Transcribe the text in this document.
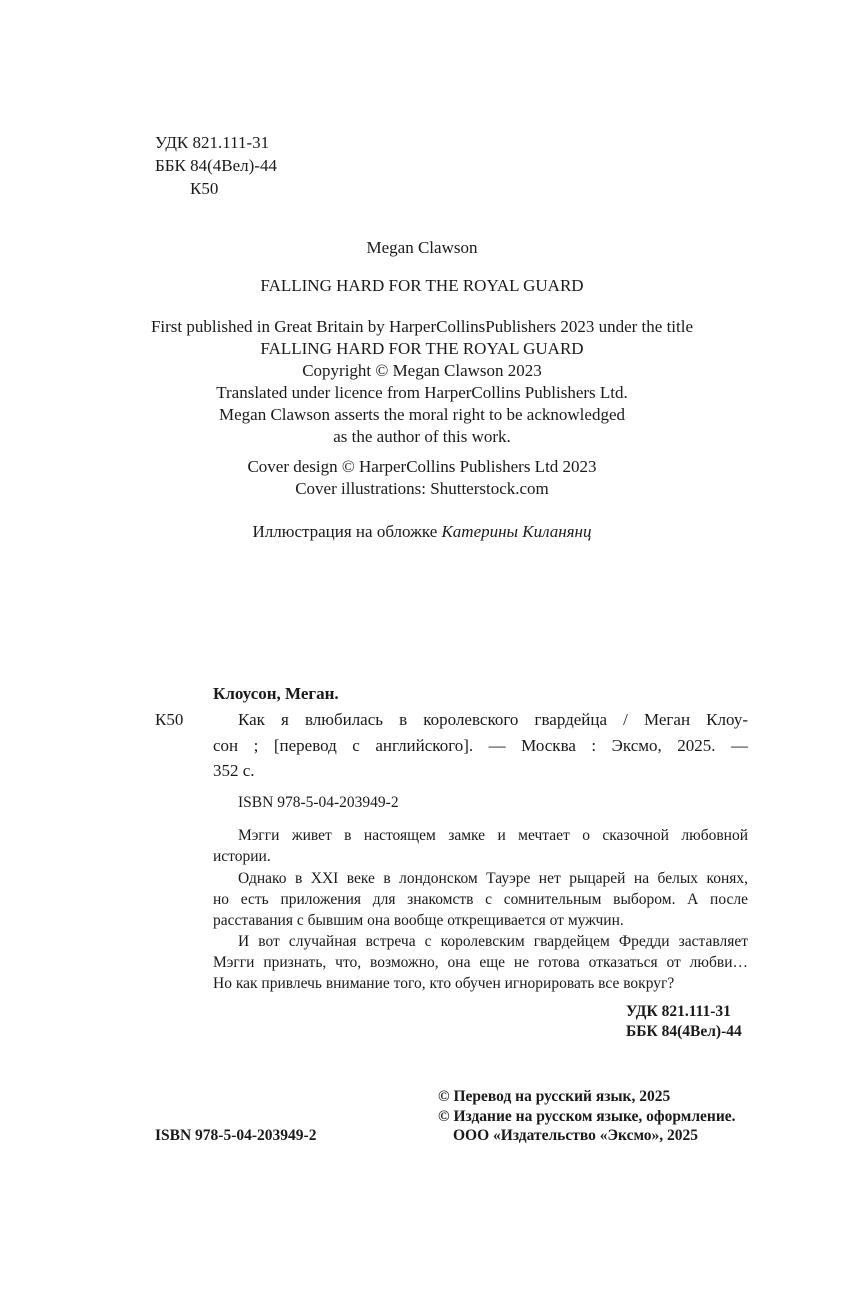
УДК 821.111-31
ББК 84(4Вел)-44
К50
Megan Clawson
FALLING HARD FOR THE ROYAL GUARD
First published in Great Britain by HarperCollinsPublishers 2023 under the title
FALLING HARD FOR THE ROYAL GUARD
Copyright © Megan Clawson 2023
Translated under licence from HarperCollins Publishers Ltd.
Megan Clawson asserts the moral right to be acknowledged
as the author of this work.
Cover design © HarperCollins Publishers Ltd 2023
Cover illustrations: Shutterstock.com
Иллюстрация на обложке Катерины Киланянц
Клоусон, Меган.
К50	Как я влюбилась в королевского гвардейца / Меган Клоу-
сон ; [перевод с английского]. — Москва : Эксмо, 2025. —
352 с.
ISBN 978-5-04-203949-2
Мэгги живет в настоящем замке и мечтает о сказочной любовной
истории.
Однако в XXI веке в лондонском Тауэре нет рыцарей на белых конях,
но есть приложения для знакомств с сомнительным выбором. А после
расставания с бывшим она вообще открещивается от мужчин.
И вот случайная встреча с королевским гвардейцем Фредди заставляет
Мэгги признать, что, возможно, она еще не готова отказаться от любви…
Но как привлечь внимание того, кто обучен игнорировать все вокруг?
УДК 821.111-31
ББК 84(4Вел)-44
ISBN 978-5-04-203949-2
© Перевод на русский язык, 2025
© Издание на русском языке, оформление.
ООО «Издательство «Эксмо», 2025
